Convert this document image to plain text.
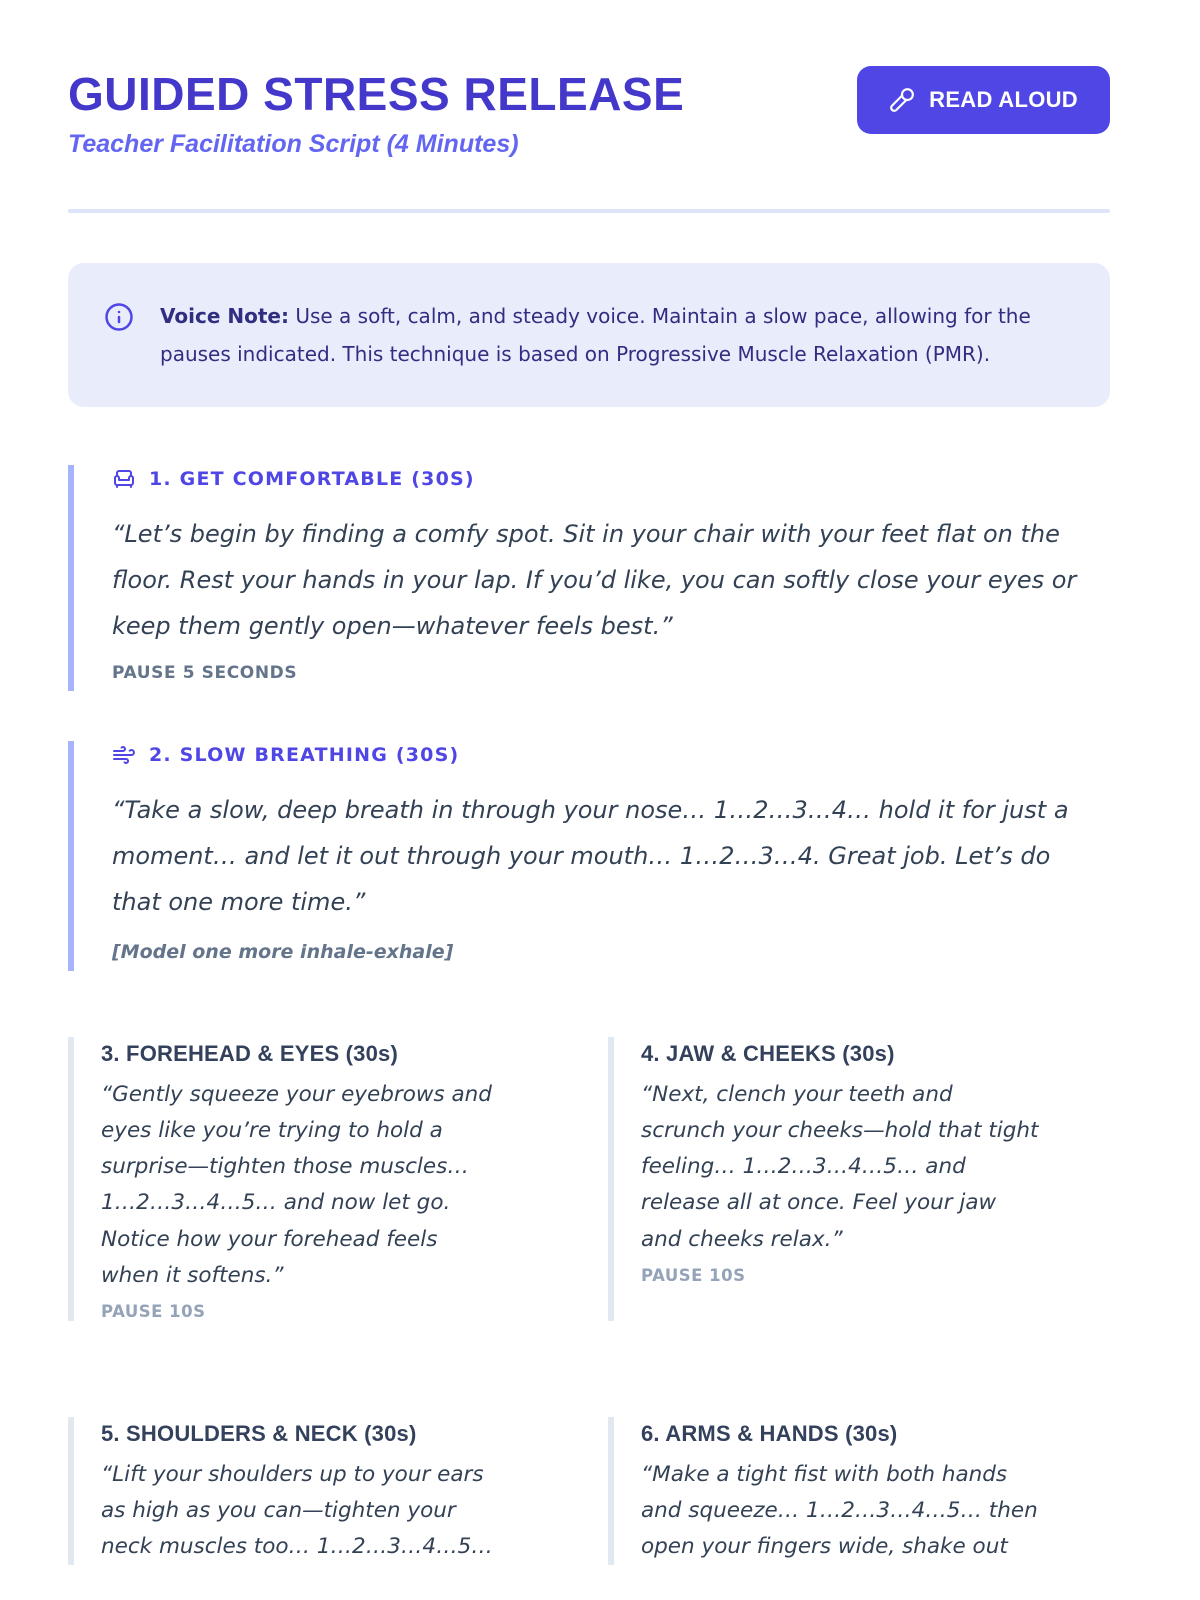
GUIDED STRESS RELEASE

Teacher Facilitation Script (4 Minutes)

READ ALOUD

Voice Note: Use a soft, calm, and steady voice. Maintain a slow pace, allowing for the pauses indicated. This technique is based on Progressive Muscle Relaxation (PMR).

1. GET COMFORTABLE (30S)

“Let’s begin by finding a comfy spot. Sit in your chair with your feet flat on the floor. Rest your hands in your lap. If you’d like, you can softly close your eyes or keep them gently open—whatever feels best.”

PAUSE 5 SECONDS

2. SLOW BREATHING (30S)

“Take a slow, deep breath in through your nose… 1…2…3…4… hold it for just a moment… and let it out through your mouth… 1…2…3…4. Great job. Let’s do that one more time.”

[Model one more inhale-exhale]

3. FOREHEAD & EYES (30s)

“Gently squeeze your eyebrows and eyes like you’re trying to hold a surprise—tighten those muscles… 1…2…3…4…5… and now let go. Notice how your forehead feels when it softens.”

PAUSE 10S

4. JAW & CHEEKS (30s)

“Next, clench your teeth and scrunch your cheeks—hold that tight feeling… 1…2…3…4…5… and release all at once. Feel your jaw and cheeks relax.”

PAUSE 10S

5. SHOULDERS & NECK (30s)

“Lift your shoulders up to your ears as high as you can—tighten your neck muscles too… 1…2…3…4…5…

6. ARMS & HANDS (30s)

“Make a tight fist with both hands and squeeze… 1…2…3…4…5… then open your fingers wide, shake out
